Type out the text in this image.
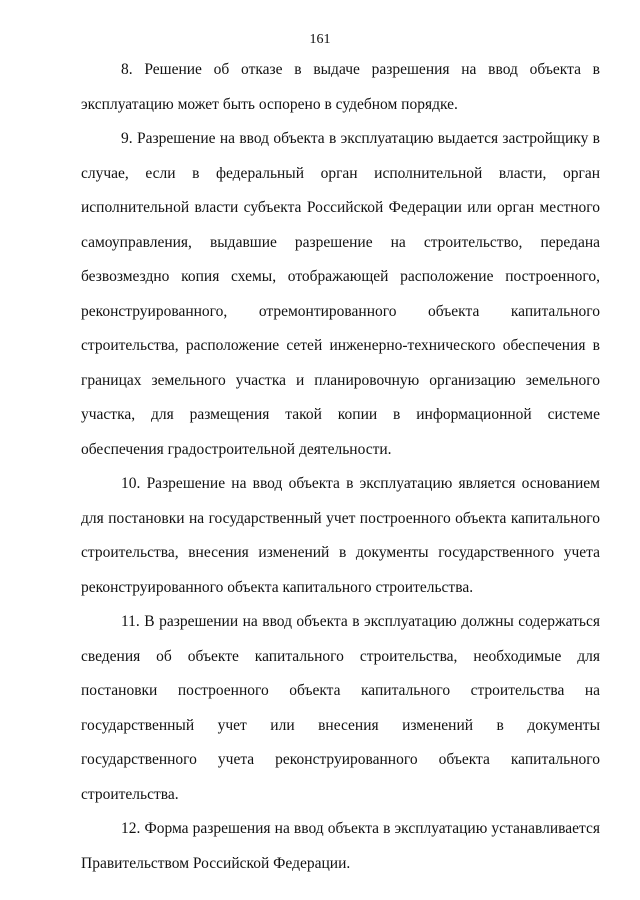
161

8. Решение об отказе в выдаче разрешения на ввод объекта в эксплуатацию может быть оспорено в судебном порядке.

9. Разрешение на ввод объекта в эксплуатацию выдается застройщику в случае, если в федеральный орган исполнительной власти, орган исполнительной власти субъекта Российской Федерации или орган местного самоуправления, выдавшие разрешение на строительство, передана безвозмездно копия схемы, отображающей расположение построенного, реконструированного, отремонтированного объекта капитального строительства, расположение сетей инженерно-технического обеспечения в границах земельного участка и планировочную организацию земельного участка, для размещения такой копии в информационной системе обеспечения градостроительной деятельности.

10. Разрешение на ввод объекта в эксплуатацию является основанием для постановки на государственный учет построенного объекта капитального строительства, внесения изменений в документы государственного учета реконструированного объекта капитального строительства.

11. В разрешении на ввод объекта в эксплуатацию должны содержаться сведения об объекте капитального строительства, необходимые для постановки построенного объекта капитального строительства на государственный учет или внесения изменений в документы государственного учета реконструированного объекта капитального строительства.

12. Форма разрешения на ввод объекта в эксплуатацию устанавливается Правительством Российской Федерации.
